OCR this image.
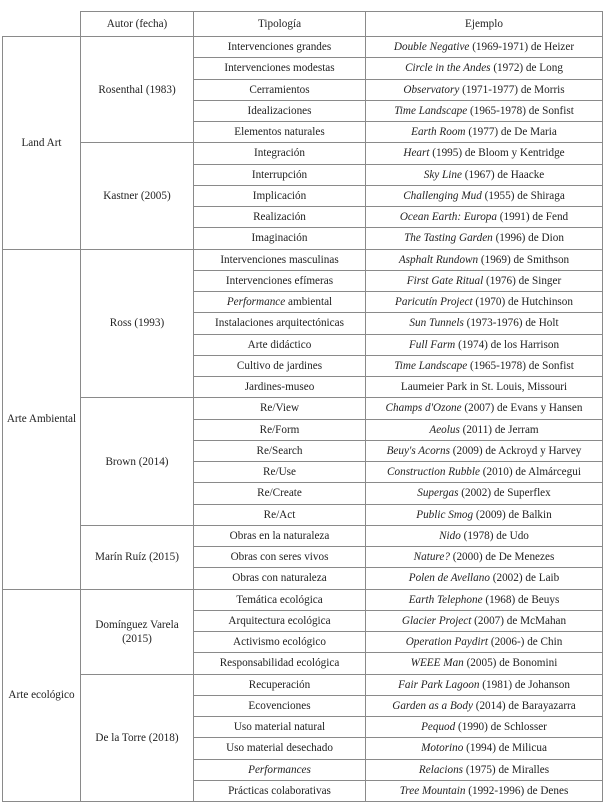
	Autor (fecha)	Tipología	Ejemplo
Land Art	Rosenthal (1983)	Intervenciones grandes	Double Negative (1969-1971) de Heizer
		Intervenciones modestas	Circle in the Andes (1972) de Long
		Cerramientos	Observatory (1971-1977) de Morris
		Idealizaciones	Time Landscape (1965-1978) de Sonfist
		Elementos naturales	Earth Room (1977) de De Maria
	Kastner (2005)	Integración	Heart (1995) de Bloom y Kentridge
		Interrupción	Sky Line (1967) de Haacke
		Implicación	Challenging Mud (1955) de Shiraga
		Realización	Ocean Earth: Europa (1991) de Fend
		Imaginación	The Tasting Garden (1996) de Dion
Arte Ambiental	Ross (1993)	Intervenciones masculinas	Asphalt Rundown (1969) de Smithson
		Intervenciones efímeras	First Gate Ritual (1976) de Singer
		Performance ambiental	Paricutín Project (1970) de Hutchinson
		Instalaciones arquitectónicas	Sun Tunnels (1973-1976) de Holt
		Arte didáctico	Full Farm (1974) de los Harrison
		Cultivo de jardines	Time Landscape (1965-1978) de Sonfist
		Jardines-museo	Laumeier Park in St. Louis, Missouri
	Brown (2014)	Re/View	Champs d'Ozone (2007) de Evans y Hansen
		Re/Form	Aeolus (2011) de Jerram
		Re/Search	Beuy's Acorns (2009) de Ackroyd y Harvey
		Re/Use	Construction Rubble (2010) de Almárcegui
		Re/Create	Supergas (2002) de Superflex
		Re/Act	Public Smog (2009) de Balkin
	Marín Ruíz (2015)	Obras en la naturaleza	Nido (1978) de Udo
		Obras con seres vivos	Nature? (2000) de De Menezes
		Obras con naturaleza	Polen de Avellano (2002) de Laib
Arte ecológico	Domínguez Varela (2015)	Temática ecológica	Earth Telephone (1968) de Beuys
		Arquitectura ecológica	Glacier Project (2007) de McMahan
		Activismo ecológico	Operation Paydirt (2006-) de Chin
		Responsabilidad ecológica	WEEE Man (2005) de Bonomini
	De la Torre (2018)	Recuperación	Fair Park Lagoon (1981) de Johanson
		Ecovenciones	Garden as a Body (2014) de Barayazarra
		Uso material natural	Pequod (1990) de Schlosser
		Uso material desechado	Motorino (1994) de Milicua
		Performances	Relacions (1975) de Miralles
		Prácticas colaborativas	Tree Mountain (1992-1996) de Denes
